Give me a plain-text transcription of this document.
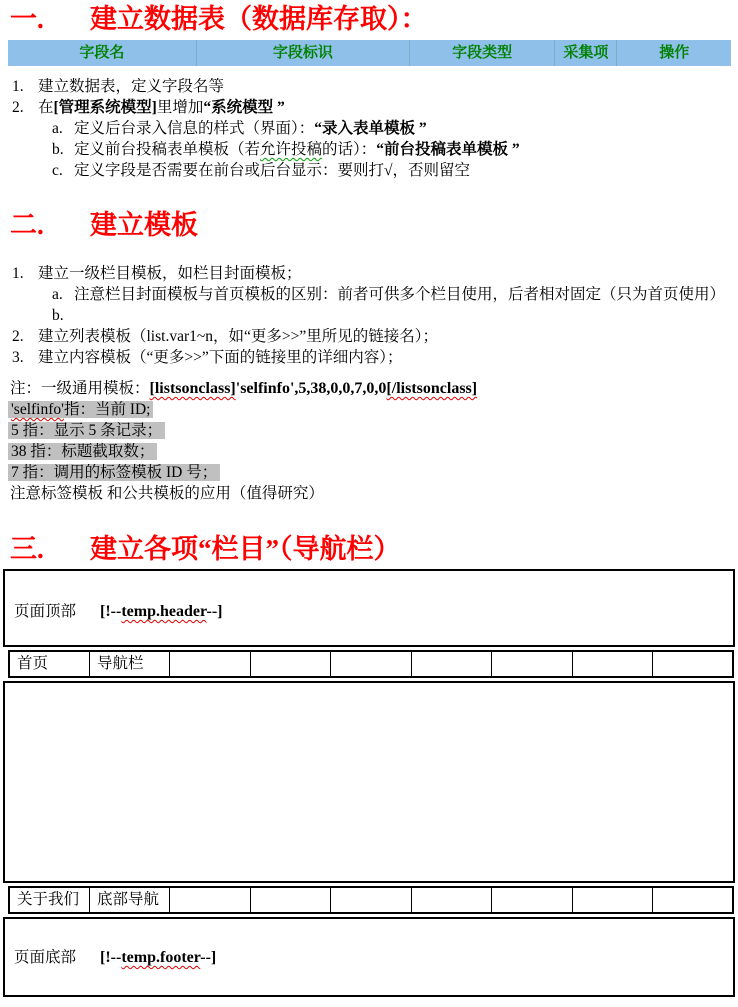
一. 建立数据表（数据库存取）：
字段名	字段标识	字段类型	采集项	操作
1. 建立数据表，定义字段名等
2. 在[管理系统模型]里增加“系统模型 ”
a. 定义后台录入信息的样式（界面）：“录入表单模板 ”
b. 定义前台投稿表单模板（若允许投稿的话）：“前台投稿表单模板 ”
c. 定义字段是否需要在前台或后台显示：要则打√，否则留空
二. 建立模板
1. 建立一级栏目模板，如栏目封面模板；
a. 注意栏目封面模板与首页模板的区别：前者可供多个栏目使用，后者相对固定（只为首页使用）
b.
2. 建立列表模板（list.var1~n，如“更多>>”里所见的链接名）；
3. 建立内容模板（“更多>>”下面的链接里的详细内容）；
注：一级通用模板：[listsonclass]'selfinfo',5,38,0,0,7,0,0[/listsonclass]
'selfinfo'指：当前 ID;
5 指：显示 5 条记录；
38 指：标题截取数；
7 指：调用的标签模板 ID 号；
注意标签模板 和公共模板的应用（值得研究）
三. 建立各项“栏目”（导航栏）
页面顶部 [!--temp.header--]
首页	导航栏							
关于我们	底部导航							
页面底部 [!--temp.footer--]
